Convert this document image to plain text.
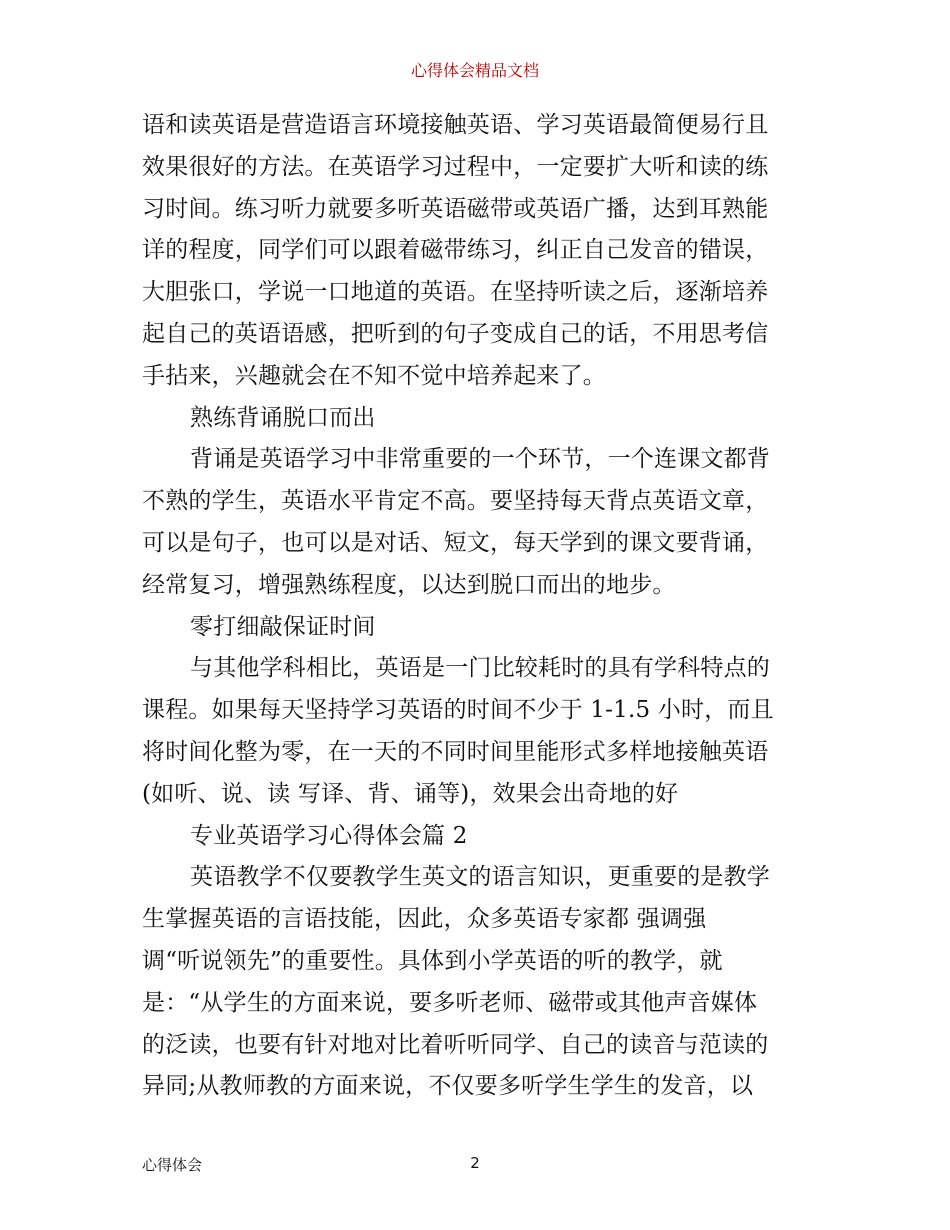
心得体会精品文档
语和读英语是营造语言环境接触英语、学习英语最简便易行且
效果很好的方法。在英语学习过程中，一定要扩大听和读的练
习时间。练习听力就要多听英语磁带或英语广播，达到耳熟能
详的程度，同学们可以跟着磁带练习，纠正自己发音的错误，
大胆张口，学说一口地道的英语。在坚持听读之后，逐渐培养
起自己的英语语感，把听到的句子变成自己的话，不用思考信
手拈来，兴趣就会在不知不觉中培养起来了。
熟练背诵脱口而出
背诵是英语学习中非常重要的一个环节，一个连课文都背
不熟的学生，英语水平肯定不高。要坚持每天背点英语文章，
可以是句子，也可以是对话、短文，每天学到的课文要背诵，
经常复习，增强熟练程度，以达到脱口而出的地步。
零打细敲保证时间
与其他学科相比，英语是一门比较耗时的具有学科特点的
课程。如果每天坚持学习英语的时间不少于 1-1.5 小时，而且
将时间化整为零，在一天的不同时间里能形式多样地接触英语
(如听、说、读 写译、背、诵等)，效果会出奇地的好
专业英语学习心得体会篇 2
英语教学不仅要教学生英文的语言知识，更重要的是教学
生掌握英语的言语技能，因此，众多英语专家都 强调强
调“听说领先”的重要性。具体到小学英语的听的教学，就
是：“从学生的方面来说，要多听老师、磁带或其他声音媒体
的泛读，也要有针对地对比着听听同学、自己的读音与范读的
异同;从教师教的方面来说，不仅要多听学生学生的发音，以
心得体会	2
